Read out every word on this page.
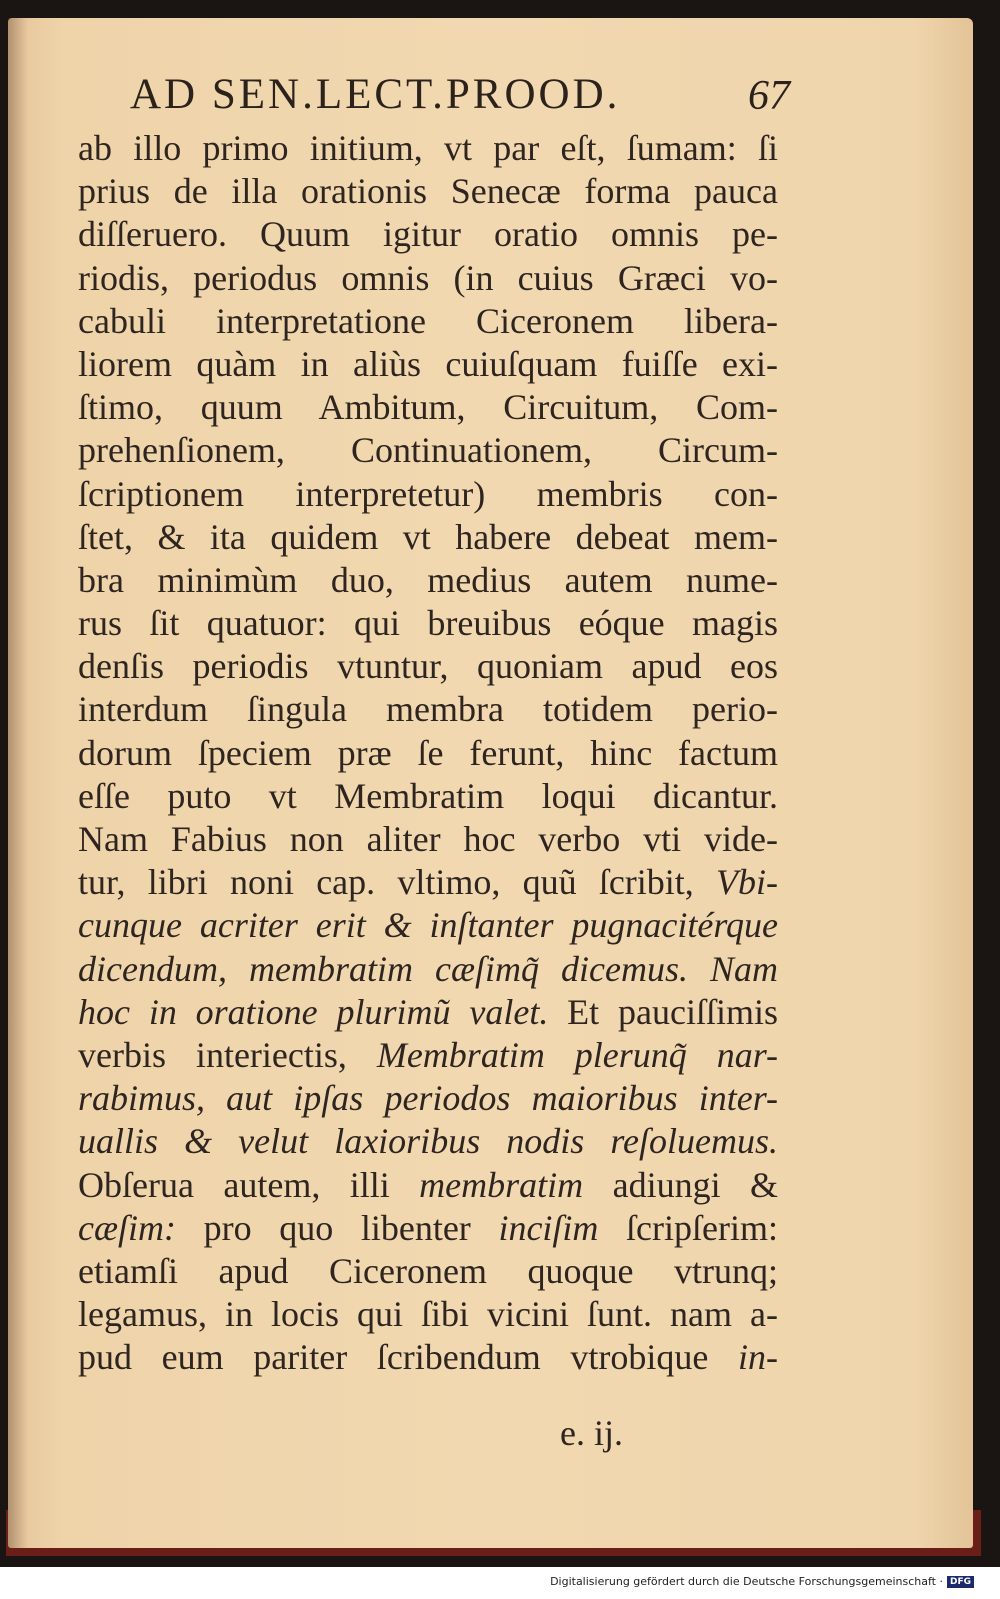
AD SEN.LECT.PROOD.	67
ab illo primo initium, vt par eſt, ſumam: ſi
prius de illa orationis Senecæ forma pauca
diſſeruero. Quum igitur oratio omnis pe-
riodis, periodus omnis (in cuius Græci vo-
cabuli interpretatione Ciceronem libera-
liorem quàm in aliùs cuiuſquam fuiſſe exi-
ſtimo, quum Ambitum, Circuitum, Com-
prehenſionem, Continuationem, Circum-
ſcriptionem interpretetur) membris con-
ſtet, & ita quidem vt habere debeat mem-
bra minimùm duo, medius autem nume-
rus ſit quatuor: qui breuibus eóque magis
denſis periodis vtuntur, quoniam apud eos
interdum ſingula membra totidem perio-
dorum ſpeciem præ ſe ferunt, hinc factum
eſſe puto vt Membratim loqui dicantur.
Nam Fabius non aliter hoc verbo vti vide-
tur, libri noni cap. vltimo, quũ ſcribit, Vbi-
cunque acriter erit & inſtanter pugnacitérque
dicendum, membratim cæſimq̃ dicemus. Nam
hoc in oratione plurimũ valet. Et pauciſſimis
verbis interiectis, Membratim plerunq̃ nar-
rabimus, aut ipſas periodos maioribus inter-
uallis & velut laxioribus nodis reſoluemus.
Obſerua autem, illi membratim adiungi &
cæſim: pro quo libenter inciſim ſcripſerim:
etiamſi apud Ciceronem quoque vtrunq;
legamus, in locis qui ſibi vicini ſunt. nam a-
pud eum pariter ſcribendum vtrobique in-
e. ij.
Digitalisierung gefördert durch die Deutsche Forschungsgemeinschaft · DFG
